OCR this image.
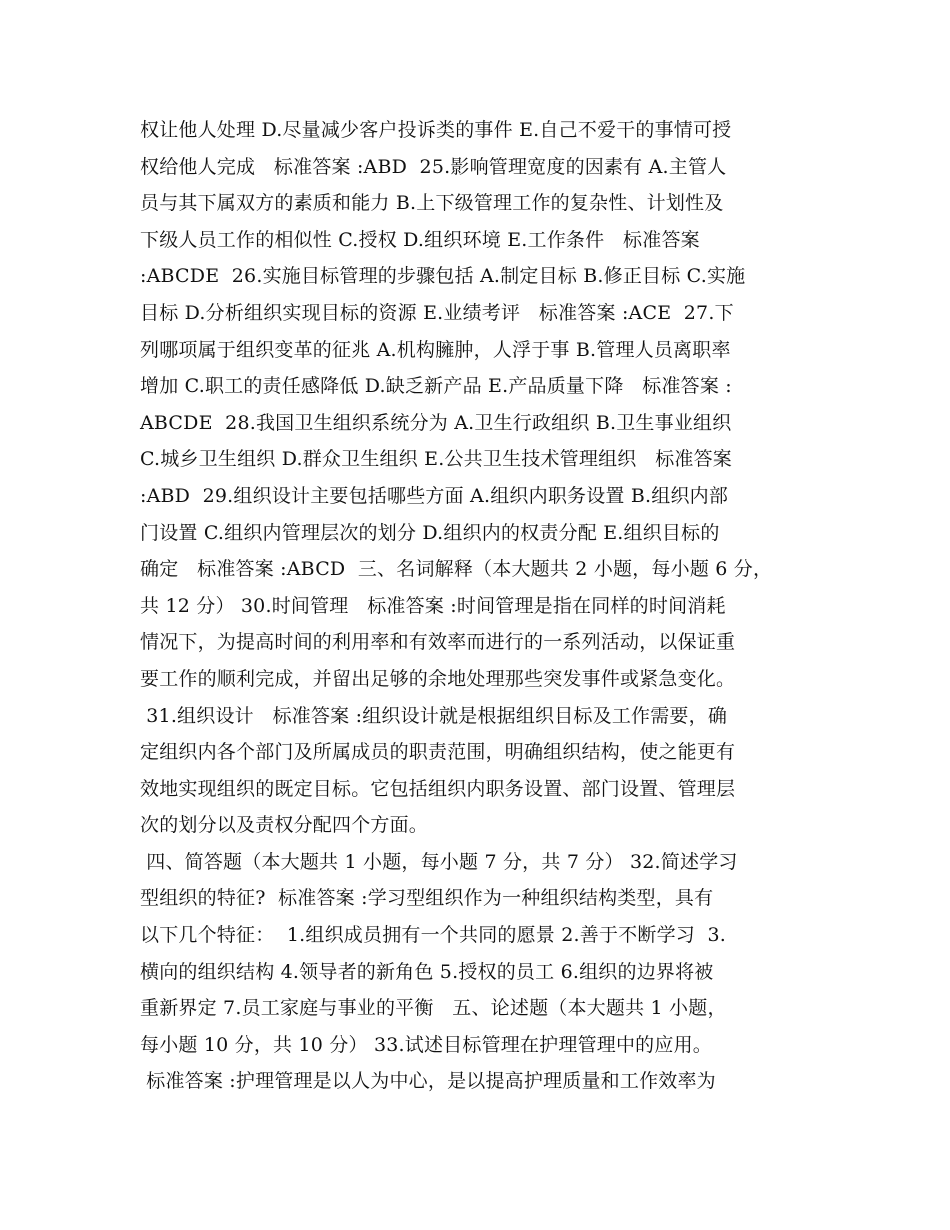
权让他人处理 D.尽量减少客户投诉类的事件 E.自己不爱干的事情可授
权给他人完成   标准答案 :ABD  25.影响管理宽度的因素有 A.主管人
员与其下属双方的素质和能力 B.上下级管理工作的复杂性、计划性及
下级人员工作的相似性 C.授权 D.组织环境 E.工作条件   标准答案
:ABCDE  26.实施目标管理的步骤包括 A.制定目标 B.修正目标 C.实施
目标 D.分析组织实现目标的资源 E.业绩考评   标准答案 :ACE  27.下
列哪项属于组织变革的征兆 A.机构臃肿，人浮于事 B.管理人员离职率
增加 C.职工的责任感降低 D.缺乏新产品 E.产品质量下降   标准答案 :
ABCDE  28.我国卫生组织系统分为 A.卫生行政组织 B.卫生事业组织
C.城乡卫生组织 D.群众卫生组织 E.公共卫生技术管理组织   标准答案
:ABD  29.组织设计主要包括哪些方面 A.组织内职务设置 B.组织内部
门设置 C.组织内管理层次的划分 D.组织内的权责分配 E.组织目标的
确定   标准答案 :ABCD  三、名词解释（本大题共 2 小题，每小题 6 分，
共 12 分） 30.时间管理   标准答案 :时间管理是指在同样的时间消耗
情况下，为提高时间的利用率和有效率而进行的一系列活动，以保证重
要工作的顺利完成，并留出足够的余地处理那些突发事件或紧急变化。
31.组织设计   标准答案 :组织设计就是根据组织目标及工作需要，确
定组织内各个部门及所属成员的职责范围，明确组织结构，使之能更有
效地实现组织的既定目标。它包括组织内职务设置、部门设置、管理层
次的划分以及责权分配四个方面。
四、简答题（本大题共 1 小题，每小题 7 分，共 7 分） 32.简述学习
型组织的特征?  标准答案 :学习型组织作为一种组织结构类型，具有
以下几个特征：  1.组织成员拥有一个共同的愿景 2.善于不断学习  3.
横向的组织结构 4.领导者的新角色 5.授权的员工 6.组织的边界将被
重新界定 7.员工家庭与事业的平衡   五、论述题（本大题共 1 小题，
每小题 10 分，共 10 分） 33.试述目标管理在护理管理中的应用。
标准答案 :护理管理是以人为中心，是以提高护理质量和工作效率为
